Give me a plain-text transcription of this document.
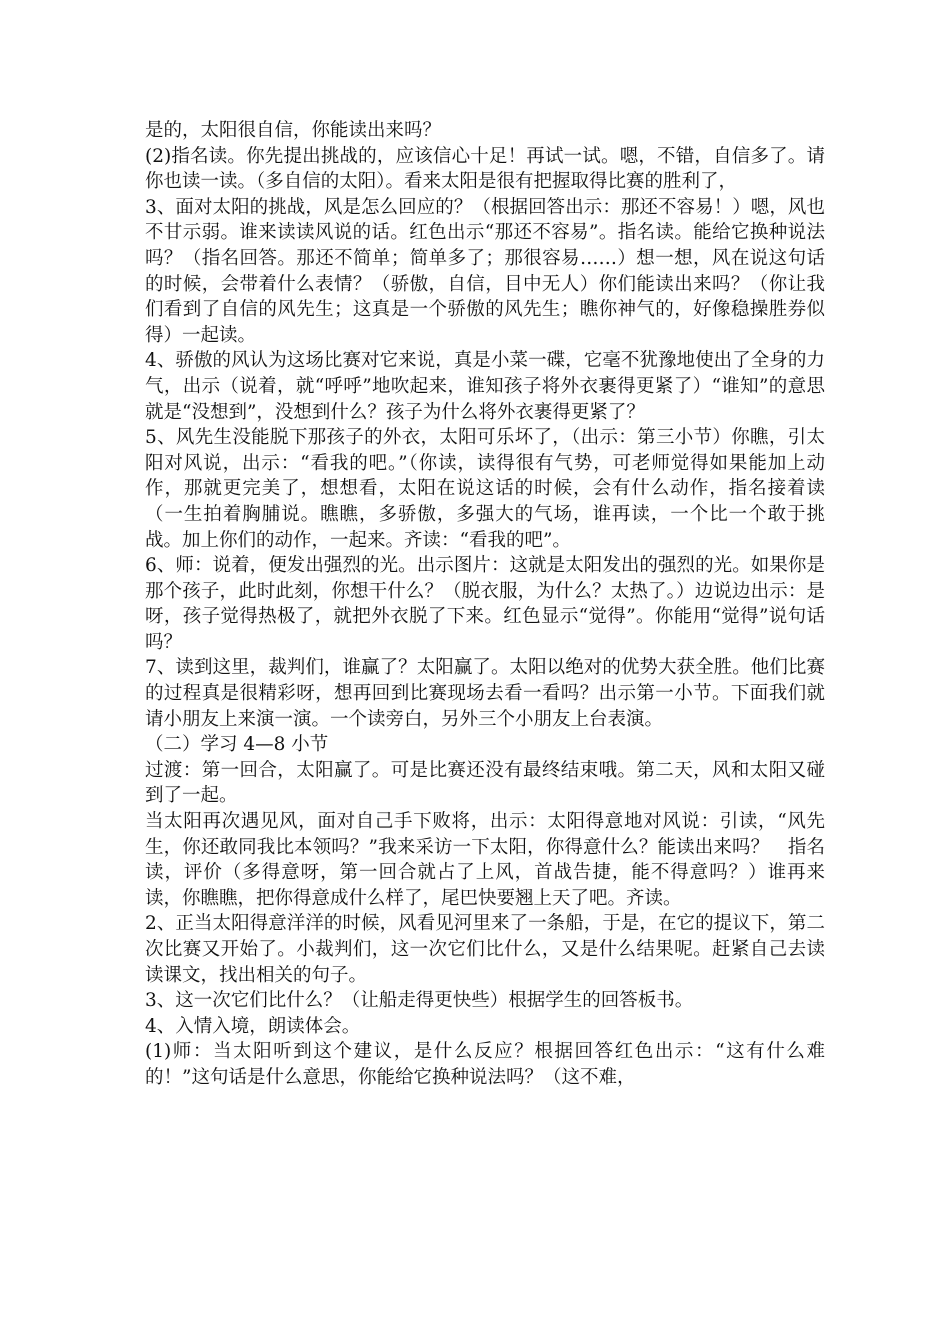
是的，太阳很自信，你能读出来吗？

(2)指名读。你先提出挑战的，应该信心十足！再试一试。嗯，不错，自信多了。请你也读一读。（多自信的太阳）。看来太阳是很有把握取得比赛的胜利了，

3、面对太阳的挑战，风是怎么回应的？（根据回答出示：那还不容易！）嗯，风也不甘示弱。谁来读读风说的话。红色出示“那还不容易”。指名读。能给它换种说法吗？（指名回答。那还不简单；简单多了；那很容易……）想一想，风在说这句话的时候，会带着什么表情？（骄傲，自信，目中无人）你们能读出来吗？（你让我们看到了自信的风先生；这真是一个骄傲的风先生；瞧你神气的，好像稳操胜券似得）一起读。

4、骄傲的风认为这场比赛对它来说，真是小菜一碟，它毫不犹豫地使出了全身的力气，出示（说着，就“呼呼”地吹起来，谁知孩子将外衣裹得更紧了）“谁知”的意思就是“没想到”，没想到什么？孩子为什么将外衣裹得更紧了？

5、风先生没能脱下那孩子的外衣，太阳可乐坏了，（出示：第三小节）你瞧，引太阳对风说，出示：“看我的吧。”（你读，读得很有气势，可老师觉得如果能加上动作，那就更完美了，想想看，太阳在说这话的时候，会有什么动作，指名接着读（一生拍着胸脯说。瞧瞧，多骄傲，多强大的气场，谁再读，一个比一个敢于挑战。加上你们的动作，一起来。齐读：“看我的吧”。

6、师：说着，便发出强烈的光。出示图片：这就是太阳发出的强烈的光。如果你是那个孩子，此时此刻，你想干什么？（脱衣服，为什么？太热了。）边说边出示：是呀，孩子觉得热极了，就把外衣脱了下来。红色显示“觉得”。你能用“觉得”说句话吗？

7、读到这里，裁判们，谁赢了？太阳赢了。太阳以绝对的优势大获全胜。他们比赛的过程真是很精彩呀，想再回到比赛现场去看一看吗？出示第一小节。下面我们就请小朋友上来演一演。一个读旁白，另外三个小朋友上台表演。

（二）学习 4—8 小节

过渡：第一回合，太阳赢了。可是比赛还没有最终结束哦。第二天，风和太阳又碰到了一起。

当太阳再次遇见风，面对自己手下败将，出示：太阳得意地对风说：引读，“风先生，你还敢同我比本领吗？”我来采访一下太阳，你得意什么？能读出来吗？　指名读，评价（多得意呀，第一回合就占了上风，首战告捷，能不得意吗？）谁再来读，你瞧瞧，把你得意成什么样了，尾巴快要翘上天了吧。齐读。

2、正当太阳得意洋洋的时候，风看见河里来了一条船，于是，在它的提议下，第二次比赛又开始了。小裁判们，这一次它们比什么，又是什么结果呢。赶紧自己去读读课文，找出相关的句子。

3、这一次它们比什么？（让船走得更快些）根据学生的回答板书。

4、入情入境，朗读体会。

(1)师：当太阳听到这个建议，是什么反应？根据回答红色出示：“这有什么难的！”这句话是什么意思，你能给它换种说法吗？（这不难，
